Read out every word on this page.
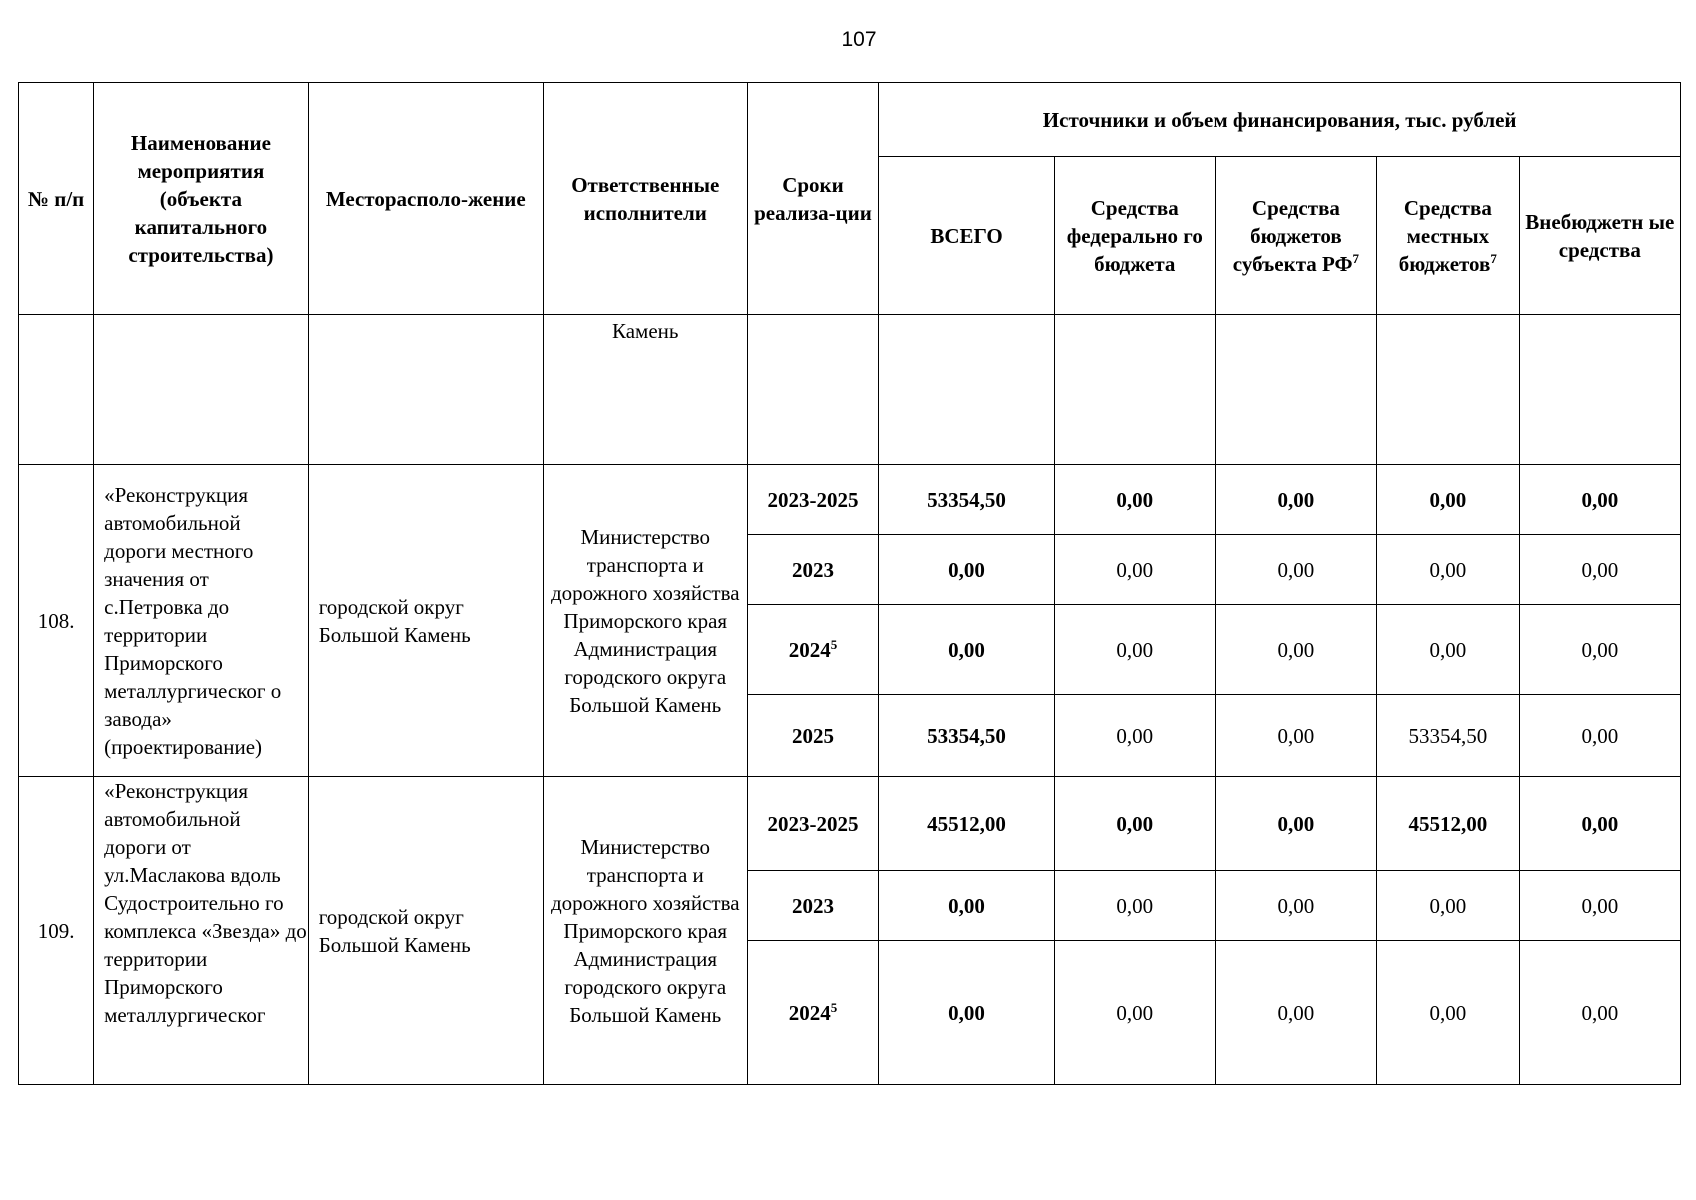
107
№ п/п	Наименование мероприятия (объекта капитального строительства)	Месторасполо-жение	Ответственные исполнители	Сроки реализа-ции	Источники и объем финансирования, тыс. рублей				
					ВСЕГО	Средства федерально го бюджета	Средства бюджетов субъекта $РФ^7$	Средства местных бюджетов$^7$	Внебюджетн ые средства
			Камень						
108.	«Реконструкция автомобильной дороги местного значения от с.Петровка до территории Приморского металлургическог о завода» (проектирование)	городской округ Большой Камень	Министерство транспорта и дорожного хозяйства Приморского края Администрация городского округа Большой Камень	2023-2025	53354,50	0,00	0,00	0,00	0,00
				2023	0,00	0,00	0,00	0,00	0,00
				2024$^5$	0,00	0,00	0,00	0,00	0,00
				2025	53354,50	0,00	0,00	53354,50	0,00
109.	«Реконструкция автомобильной дороги от ул.Маслакова вдоль Судостроительно го комплекса «Звезда» до территории Приморского металлургическог	городской округ Большой Камень	Министерство транспорта и дорожного хозяйства Приморского края Администрация городского округа Большой Камень	2023-2025	45512,00	0,00	0,00	45512,00	0,00
				2023	0,00	0,00	0,00	0,00	0,00
				2024$^5$	0,00	0,00	0,00	0,00	0,00
